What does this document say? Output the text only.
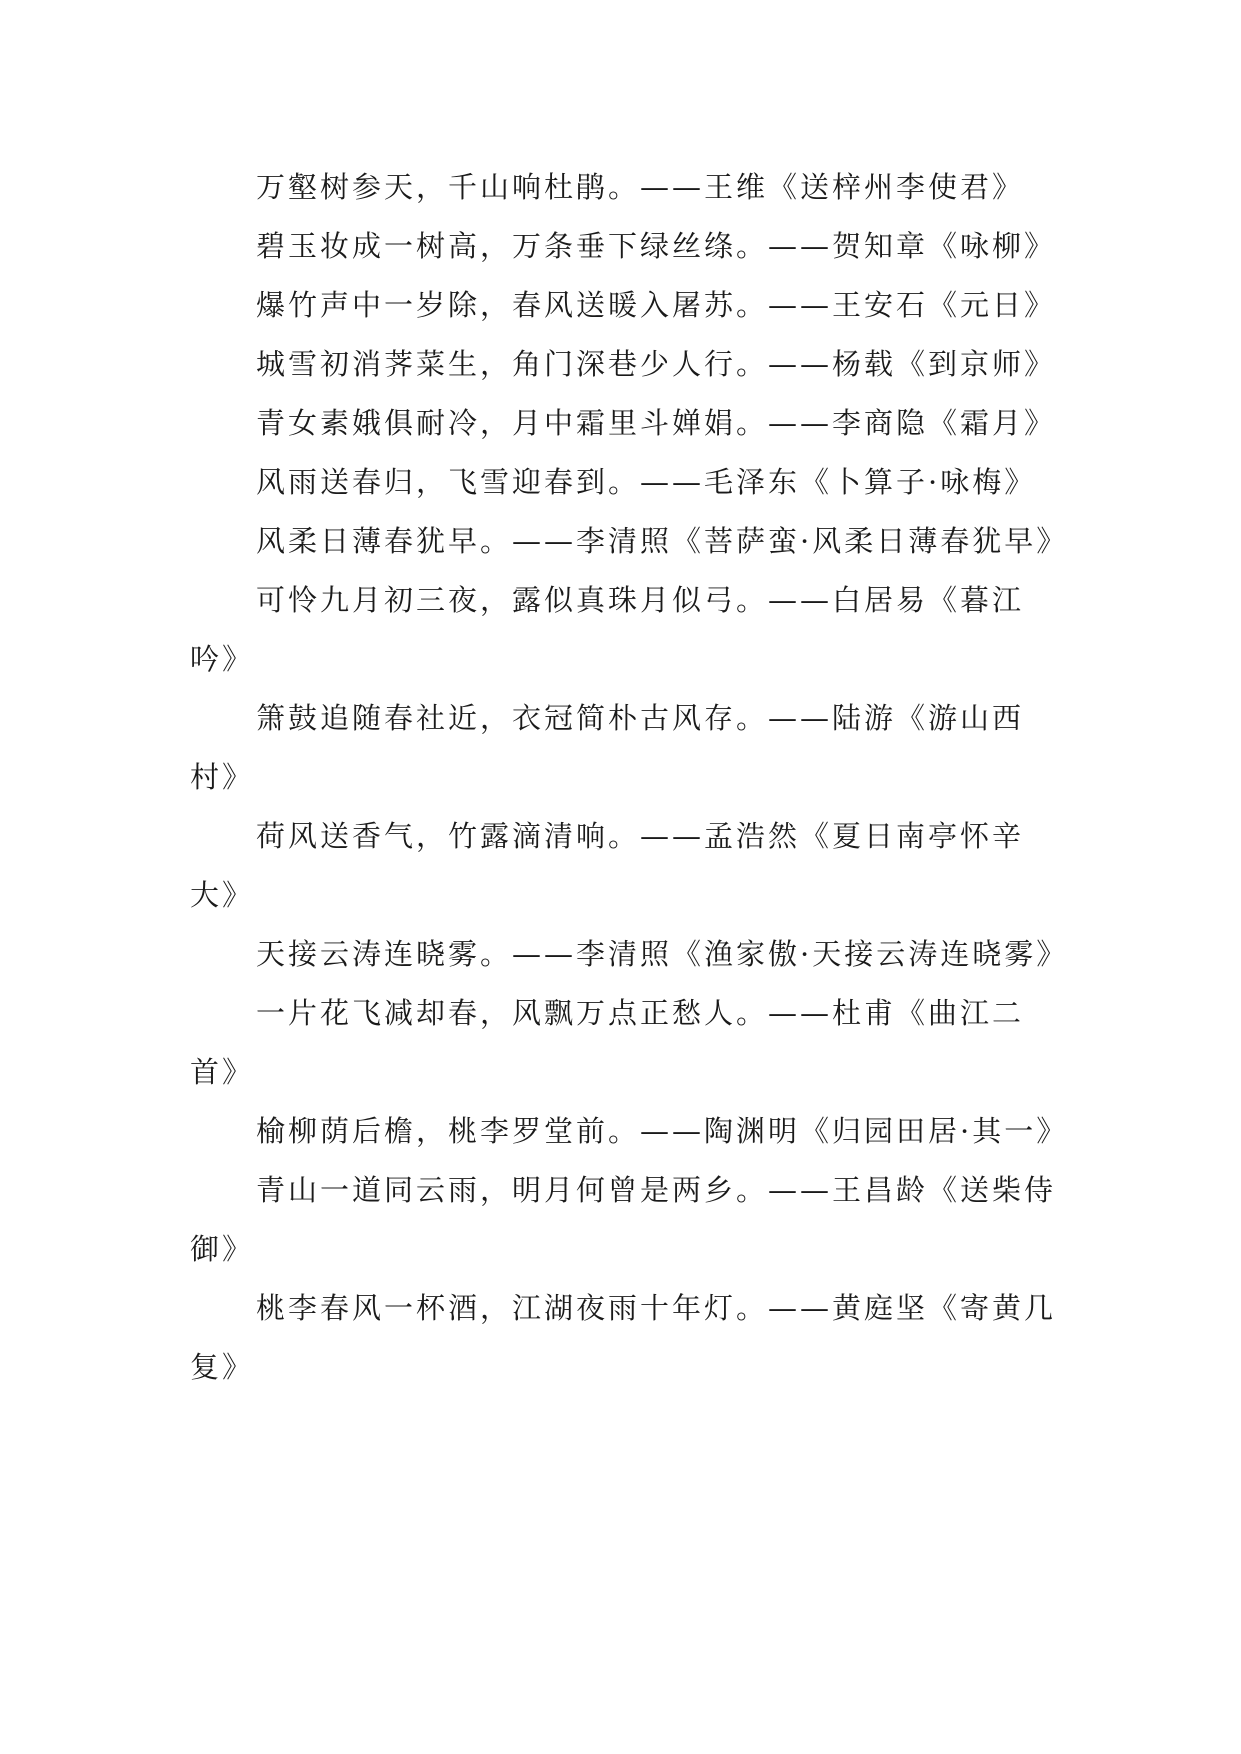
万壑树参天，千山响杜鹃。——王维《送梓州李使君》

碧玉妆成一树高，万条垂下绿丝绦。——贺知章《咏柳》

爆竹声中一岁除，春风送暖入屠苏。——王安石《元日》

城雪初消荠菜生，角门深巷少人行。——杨载《到京师》

青女素娥俱耐冷，月中霜里斗婵娟。——李商隐《霜月》

风雨送春归，飞雪迎春到。——毛泽东《卜算子·咏梅》

风柔日薄春犹早。——李清照《菩萨蛮·风柔日薄春犹早》

可怜九月初三夜，露似真珠月似弓。——白居易《暮江吟》

箫鼓追随春社近，衣冠简朴古风存。——陆游《游山西村》

荷风送香气，竹露滴清响。——孟浩然《夏日南亭怀辛大》

天接云涛连晓雾。——李清照《渔家傲·天接云涛连晓雾》

一片花飞减却春，风飘万点正愁人。——杜甫《曲江二首》

榆柳荫后檐，桃李罗堂前。——陶渊明《归园田居·其一》

青山一道同云雨，明月何曾是两乡。——王昌龄《送柴侍御》

桃李春风一杯酒，江湖夜雨十年灯。——黄庭坚《寄黄几复》
